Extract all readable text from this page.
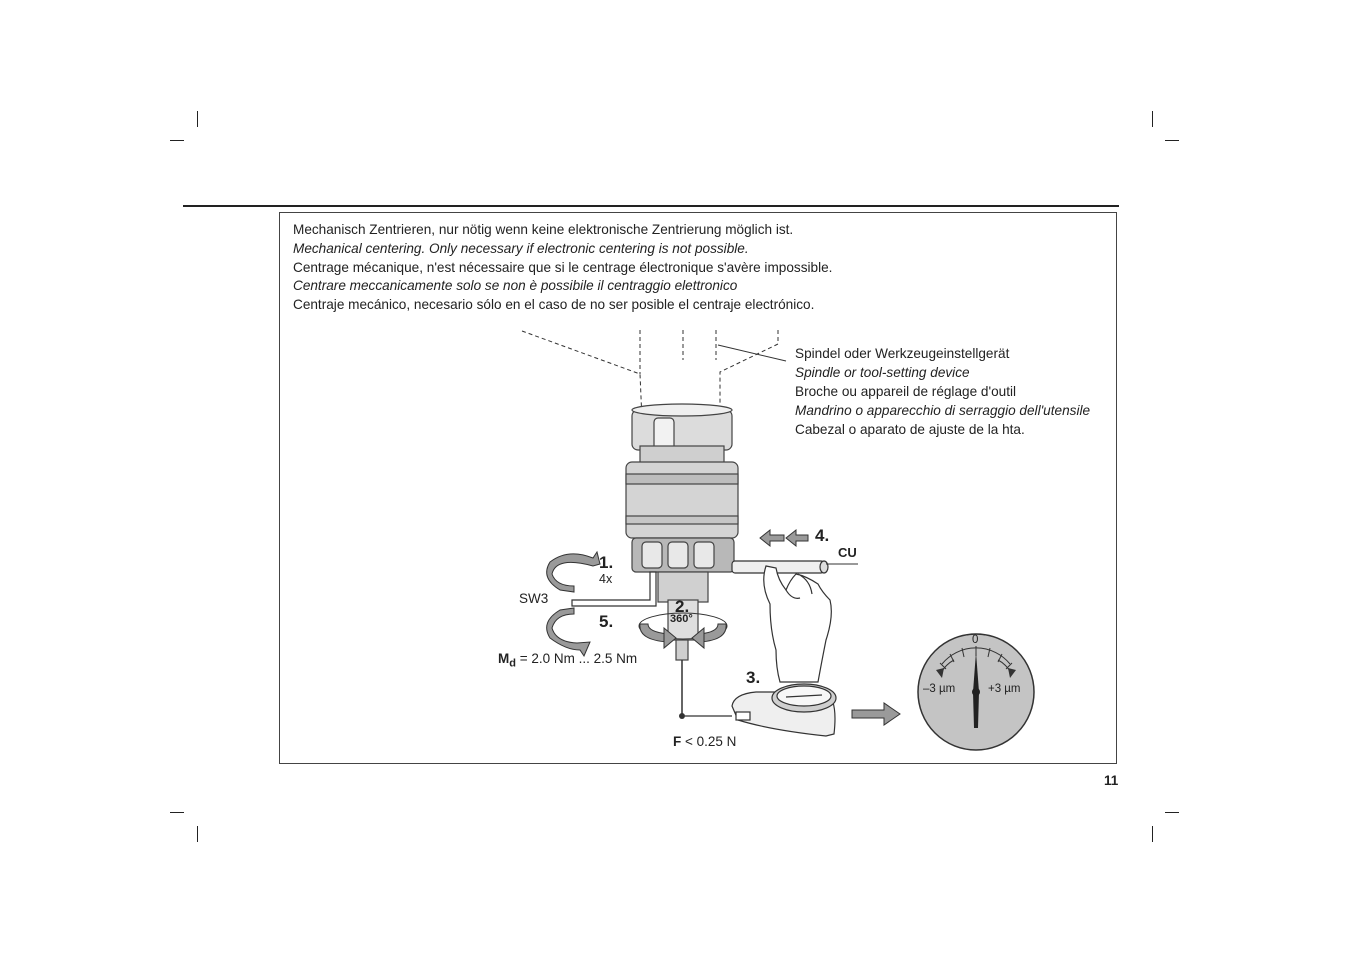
Mechanisch Zentrieren, nur nötig wenn keine elektronische Zentrierung möglich ist.
Mechanical centering. Only necessary if electronic centering is not possible.
Centrage mécanique, n'est nécessaire que si le centrage électronique s'avère impossible.
Centrare meccanicamente solo se non è possibile il centraggio elettronico
Centraje mecánico, necesario sólo en el caso de no ser posible el centraje electrónico.
Spindel oder Werkzeugeinstellgerät
Spindle or tool-setting device
Broche ou appareil de réglage d'outil
Mandrino o apparecchio di serraggio dell'utensile
Cabezal o aparato de ajuste de la hta.
1.
4x
2.
360°
3.
4.
5.
CU
SW3
$M_d = 2.0$ Nm ... 2.5 Nm
F < 0.25 N
0
–3 µm	+3 µm
11
